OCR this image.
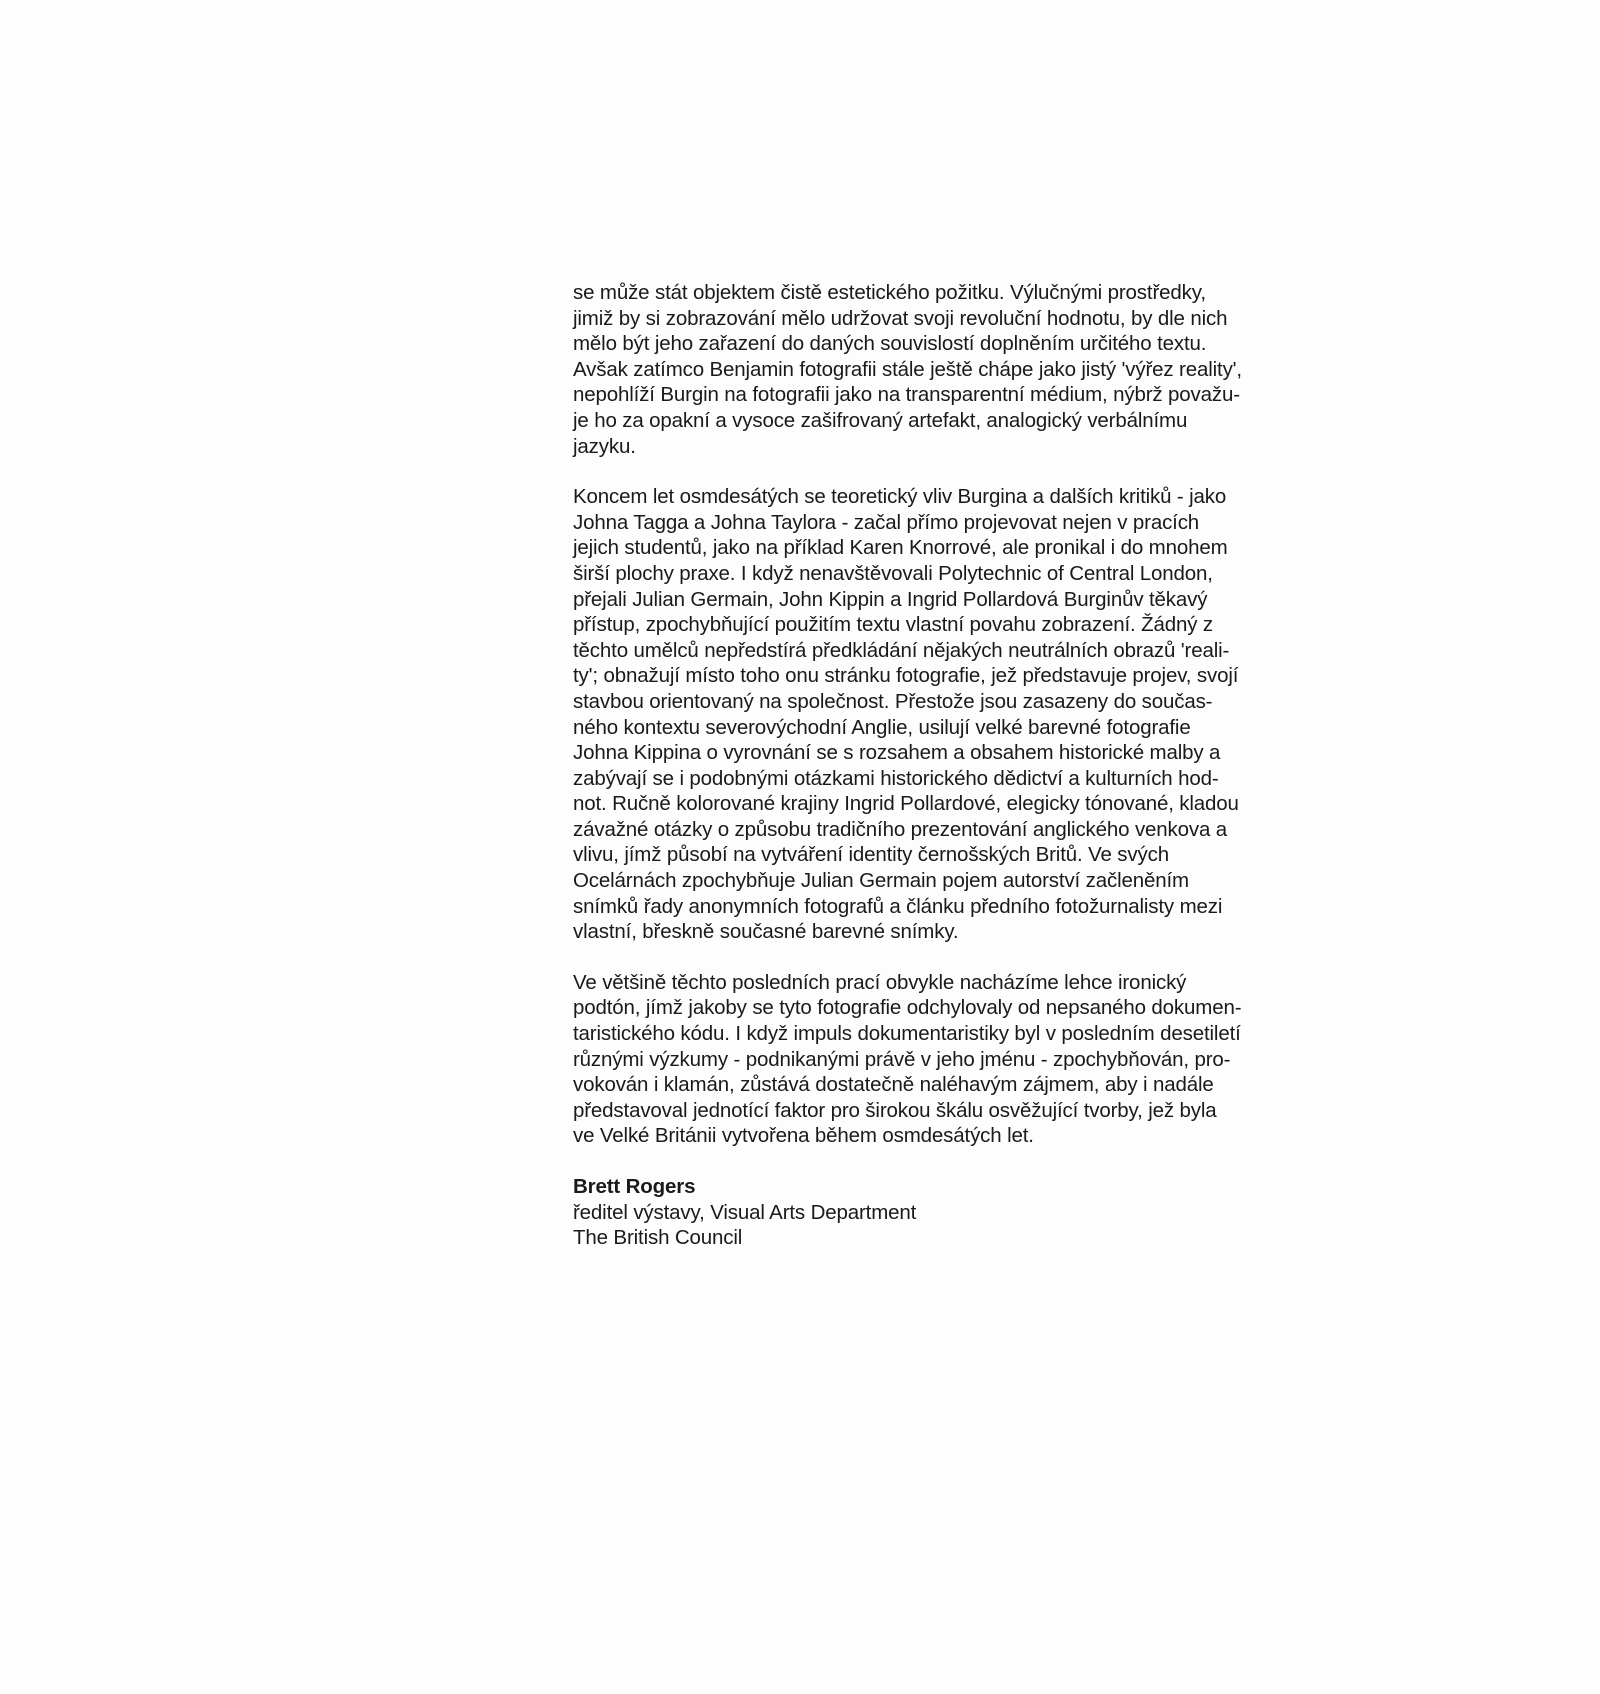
se může stát objektem čistě estetického požitku. Výlučnými prostředky,
jimiž by si zobrazování mělo udržovat svoji revoluční hodnotu, by dle nich
mělo být jeho zařazení do daných souvislostí doplněním určitého textu.
Avšak zatímco Benjamin fotografii stále ještě chápe jako jistý 'výřez reality',
nepohlíží Burgin na fotografii jako na transparentní médium, nýbrž považu-
je ho za opakní a vysoce zašifrovaný artefakt, analogický verbálnímu
jazyku.
Koncem let osmdesátých se teoretický vliv Burgina a dalších kritiků - jako
Johna Tagga a Johna Taylora - začal přímo projevovat nejen v pracích
jejich studentů, jako na příklad Karen Knorrové, ale pronikal i do mnohem
širší plochy praxe. I když nenavštěvovali Polytechnic of Central London,
přejali Julian Germain, John Kippin a Ingrid Pollardová Burginův těkavý
přístup, zpochybňující použitím textu vlastní povahu zobrazení. Žádný z
těchto umělců nepředstírá předkládání nějakých neutrálních obrazů 'reali-
ty'; obnažují místo toho onu stránku fotografie, jež představuje projev, svojí
stavbou orientovaný na společnost. Přestože jsou zasazeny do součas-
ného kontextu severovýchodní Anglie, usilují velké barevné fotografie
Johna Kippina o vyrovnání se s rozsahem a obsahem historické malby a
zabývají se i podobnými otázkami historického dědictví a kulturních hod-
not. Ručně kolorované krajiny Ingrid Pollardové, elegicky tónované, kladou
závažné otázky o způsobu tradičního prezentování anglického venkova a
vlivu, jímž působí na vytváření identity černošských Britů. Ve svých
Ocelárnách zpochybňuje Julian Germain pojem autorství začleněním
snímků řady anonymních fotografů a článku předního fotožurnalisty mezi
vlastní, břeskně současné barevné snímky.
Ve většině těchto posledních prací obvykle nacházíme lehce ironický
podtón, jímž jakoby se tyto fotografie odchylovaly od nepsaného dokumen-
taristického kódu. I když impuls dokumentaristiky byl v posledním desetiletí
různými výzkumy - podnikanými právě v jeho jménu - zpochybňován, pro-
vokován i klamán, zůstává dostatečně naléhavým zájmem, aby i nadále
představoval jednotící faktor pro širokou škálu osvěžující tvorby, jež byla
ve Velké Británii vytvořena během osmdesátých let.
Brett Rogers
ředitel výstavy, Visual Arts Department
The British Council
